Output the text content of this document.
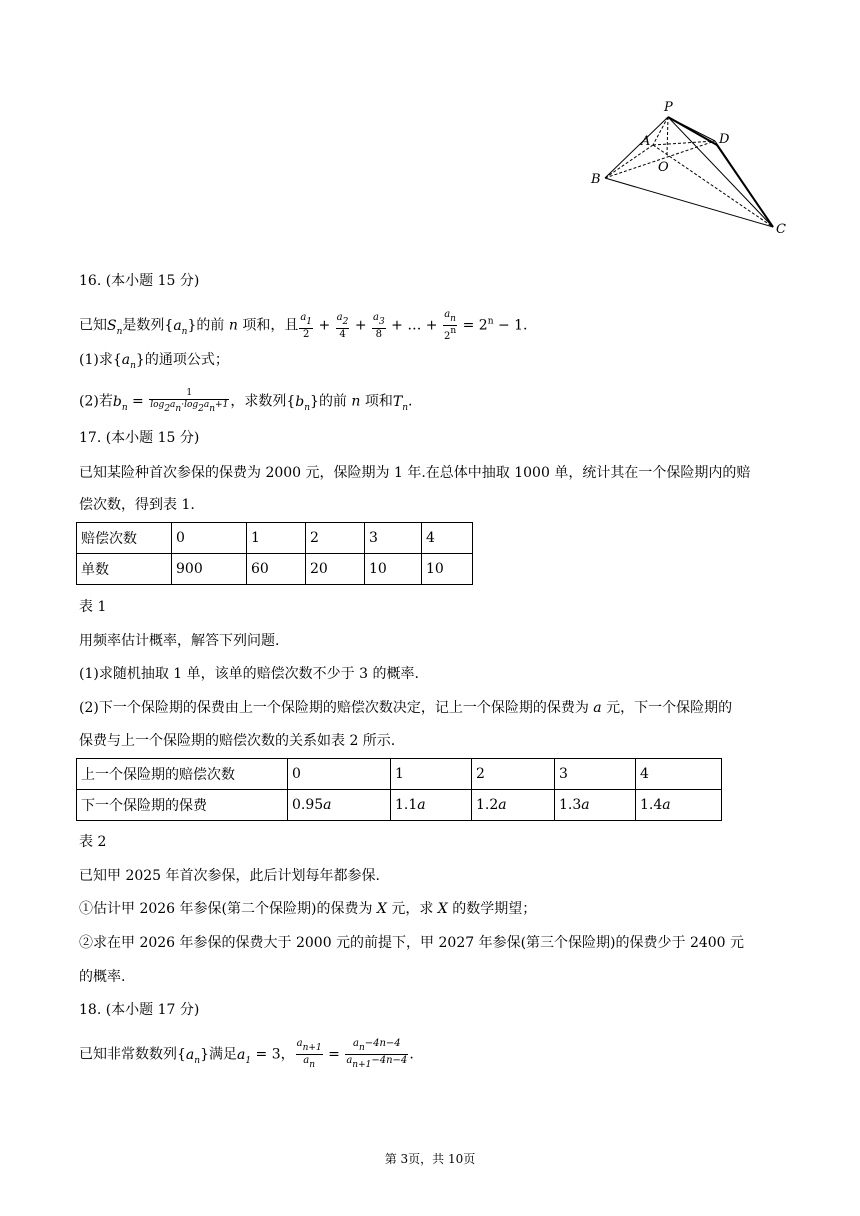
P
A	D
O
B
C
16. (本小题 15 分)
已知$S_n$是数列$\{a_n\}$的前 n 项和，且 $\frac{a1}{2} + \frac{a2}{4} + \frac{a3}{8}$ + … + $\frac{an}{2n} = 2^n - 1$.
(1)求$\{a_n\}$的通项公式；
(2)若$b_n = \frac{1}{\log 2an\cdot\log 2an+1}$ ，求数列$\{b_n\}$的前 n 项和$T_n$.
17. (本小题 15 分)
已知某险种首次参保的保费为 2000 元，保险期为 1 年.在总体中抽取 1000 单，统计其在一个保险期内的赔
偿次数，得到表 1.
赔偿次数	0	1	2	3	4
单数	900	60	20	10	10
表 1
用频率估计概率，解答下列问题.
(1)求随机抽取 1 单，该单的赔偿次数不少于 3 的概率.
(2)下一个保险期的保费由上一个保险期的赔偿次数决定，记上一个保险期的保费为 a 元，下一个保险期的
保费与上一个保险期的赔偿次数的关系如表 2 所示.
上一个保险期的赔偿次数	0	1	2	3	4
下一个保险期的保费	0.95a	1.1a	1.2a	1.3a	1.4a
表 2
已知甲 2025 年首次参保，此后计划每年都参保.
①估计甲 2026 年参保(第二个保险期)的保费为 X 元，求 X 的数学期望；
②求在甲 2026 年参保的保费大于 2000 元的前提下，甲 2027 年参保(第三个保险期)的保费少于 2400 元
的概率.
18. (本小题 17 分)
已知非常数数列$\{a_n\}$满足$a_1 = 3$， $\frac{an+1}{an} = \frac{an-4n-4}{an+1-4n-4}$ .
第 3页，共 10页
